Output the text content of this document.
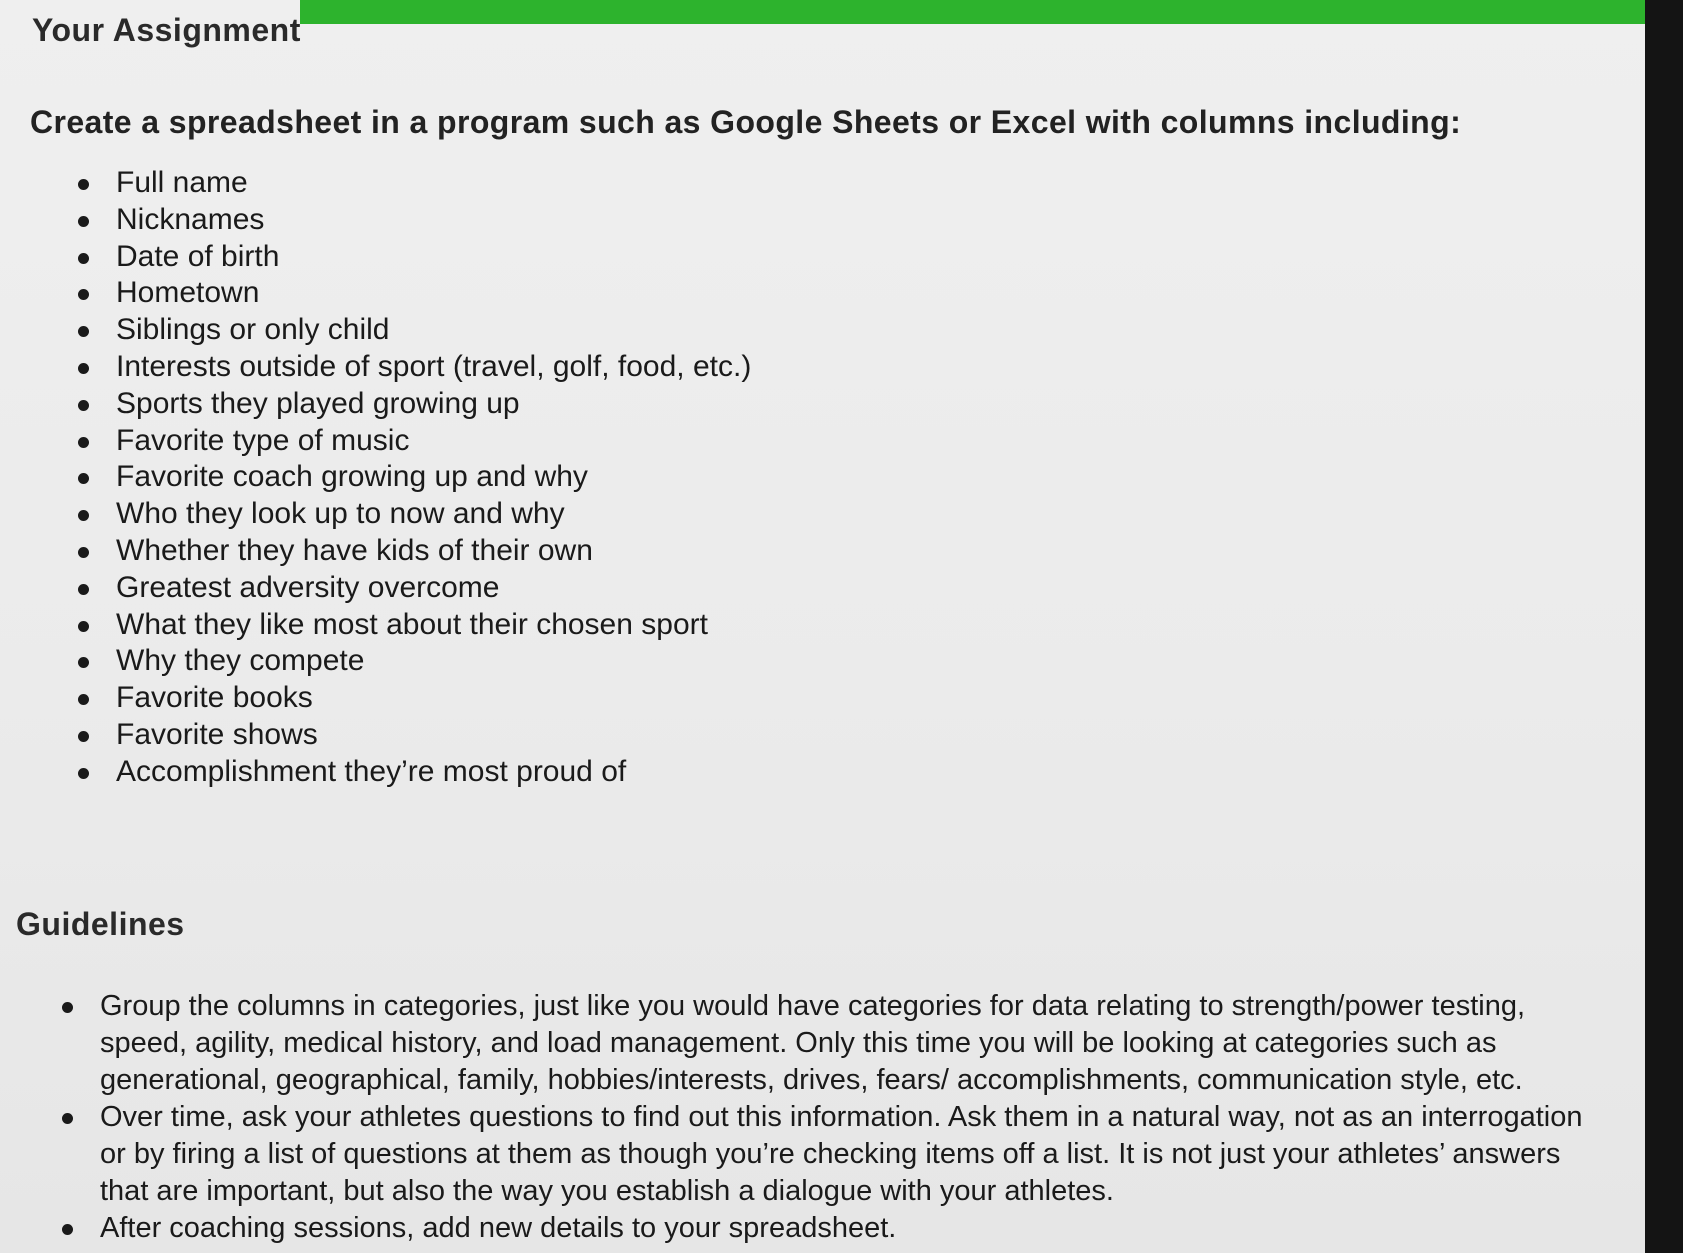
Your Assignment
Create a spreadsheet in a program such as Google Sheets or Excel with columns including:
Full name
Nicknames
Date of birth
Hometown
Siblings or only child
Interests outside of sport (travel, golf, food, etc.)
Sports they played growing up
Favorite type of music
Favorite coach growing up and why
Who they look up to now and why
Whether they have kids of their own
Greatest adversity overcome
What they like most about their chosen sport
Why they compete
Favorite books
Favorite shows
Accomplishment they’re most proud of
Guidelines
Group the columns in categories, just like you would have categories for data relating to strength/power testing, speed, agility, medical history, and load management. Only this time you will be looking at categories such as generational, geographical, family, hobbies/interests, drives, fears/ accomplishments, communication style, etc.
Over time, ask your athletes questions to find out this information. Ask them in a natural way, not as an interrogation or by firing a list of questions at them as though you’re checking items off a list. It is not just your athletes’ answers that are important, but also the way you establish a dialogue with your athletes.
After coaching sessions, add new details to your spreadsheet.
